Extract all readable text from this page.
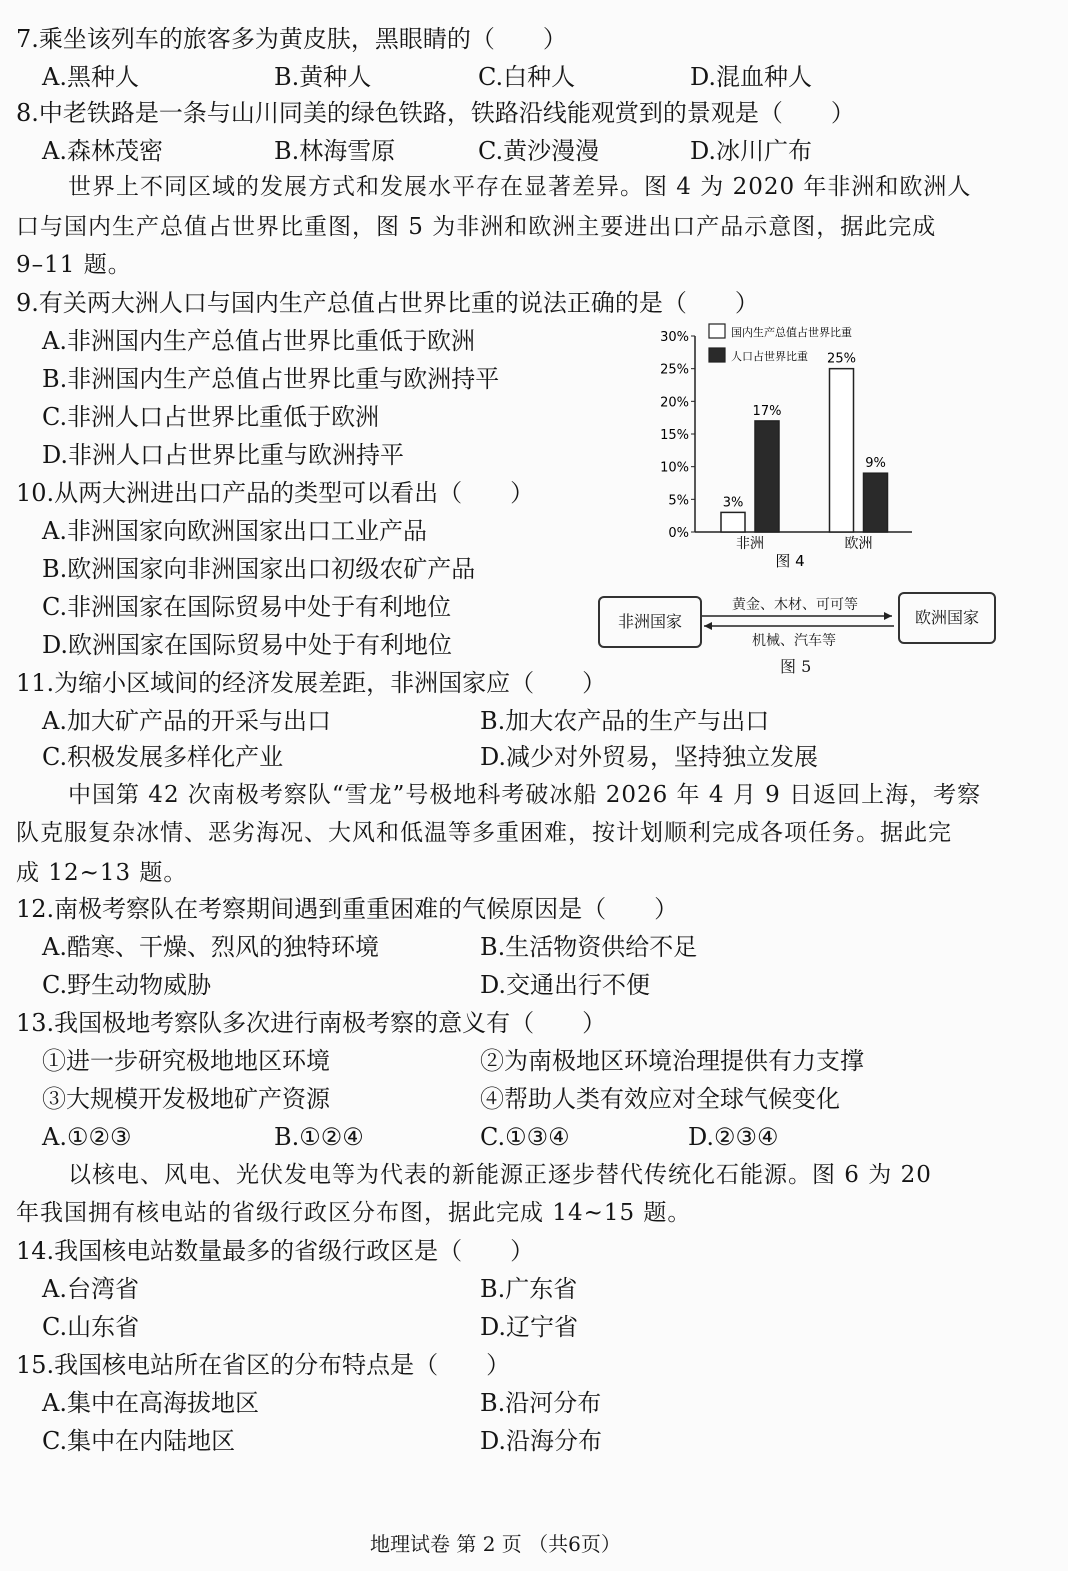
7.乘坐该列车的旅客多为黄皮肤，黑眼睛的（　　）
A.黑种人	B.黄种人	C.白种人	D.混血种人
8.中老铁路是一条与山川同美的绿色铁路，铁路沿线能观赏到的景观是（　　）
A.森林茂密	B.林海雪原	C.黄沙漫漫	D.冰川广布
世界上不同区域的发展方式和发展水平存在显著差异。图 4 为 2020 年非洲和欧洲人
口与国内生产总值占世界比重图，图 5 为非洲和欧洲主要进出口产品示意图，据此完成
9–11 题。
9.有关两大洲人口与国内生产总值占世界比重的说法正确的是（　　）
A.非洲国内生产总值占世界比重低于欧洲
B.非洲国内生产总值占世界比重与欧洲持平
C.非洲人口占世界比重低于欧洲
D.非洲人口占世界比重与欧洲持平
10.从两大洲进出口产品的类型可以看出（　　）
A.非洲国家向欧洲国家出口工业产品
B.欧洲国家向非洲国家出口初级农矿产品
C.非洲国家在国际贸易中处于有利地位
D.欧洲国家在国际贸易中处于有利地位
0%
5%
10%
15%
20%
25%
30%
3%
17%
非洲
25%
9%
欧洲
国内生产总值占世界比重
人口占世界比重
图 4
非洲国家	欧洲国家
黄金、木材、可可等
机械、汽车等
图 5
11.为缩小区域间的经济发展差距，非洲国家应（　　）
A.加大矿产品的开采与出口	B.加大农产品的生产与出口
C.积极发展多样化产业	D.减少对外贸易，坚持独立发展
中国第 42 次南极考察队“雪龙”号极地科考破冰船 2026 年 4 月 9 日返回上海，考察
队克服复杂冰情、恶劣海况、大风和低温等多重困难，按计划顺利完成各项任务。据此完
成 12~13 题。
12.南极考察队在考察期间遇到重重困难的气候原因是（　　）
A.酷寒、干燥、烈风的独特环境	B.生活物资供给不足
C.野生动物威胁	D.交通出行不便
13.我国极地考察队多次进行南极考察的意义有（　　）
①进一步研究极地地区环境	②为南极地区环境治理提供有力支撑
③大规模开发极地矿产资源	④帮助人类有效应对全球气候变化
A.①②③	B.①②④	C.①③④	D.②③④
以核电、风电、光伏发电等为代表的新能源正逐步替代传统化石能源。图 6 为 20
年我国拥有核电站的省级行政区分布图，据此完成 14~15 题。
14.我国核电站数量最多的省级行政区是（　　）
A.台湾省	B.广东省
C.山东省	D.辽宁省
15.我国核电站所在省区的分布特点是（　　）
A.集中在高海拔地区	B.沿河分布
C.集中在内陆地区	D.沿海分布
地理试卷 第 2 页 （共6页）
